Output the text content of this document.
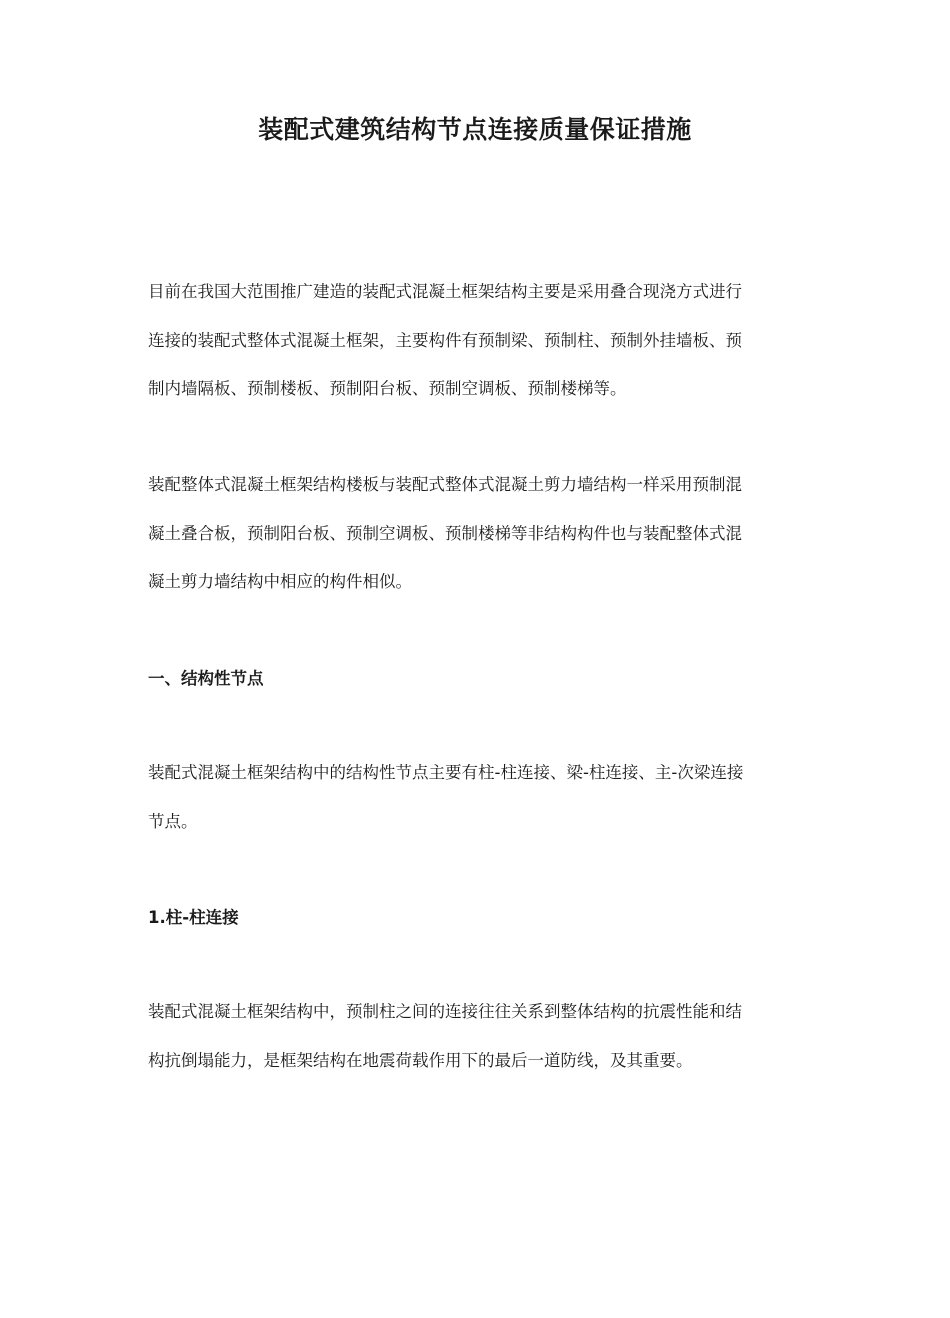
装配式建筑结构节点连接质量保证措施

目前在我国大范围推广建造的装配式混凝土框架结构主要是采用叠合现浇方式进行
连接的装配式整体式混凝土框架，主要构件有预制梁、预制柱、预制外挂墙板、预
制内墙隔板、预制楼板、预制阳台板、预制空调板、预制楼梯等。

装配整体式混凝土框架结构楼板与装配式整体式混凝土剪力墙结构一样采用预制混
凝土叠合板，预制阳台板、预制空调板、预制楼梯等非结构构件也与装配整体式混
凝土剪力墙结构中相应的构件相似。

一、结构性节点

装配式混凝土框架结构中的结构性节点主要有柱-柱连接、梁-柱连接、主-次梁连接
节点。

1.柱-柱连接

装配式混凝土框架结构中，预制柱之间的连接往往关系到整体结构的抗震性能和结
构抗倒塌能力，是框架结构在地震荷载作用下的最后一道防线，及其重要。
